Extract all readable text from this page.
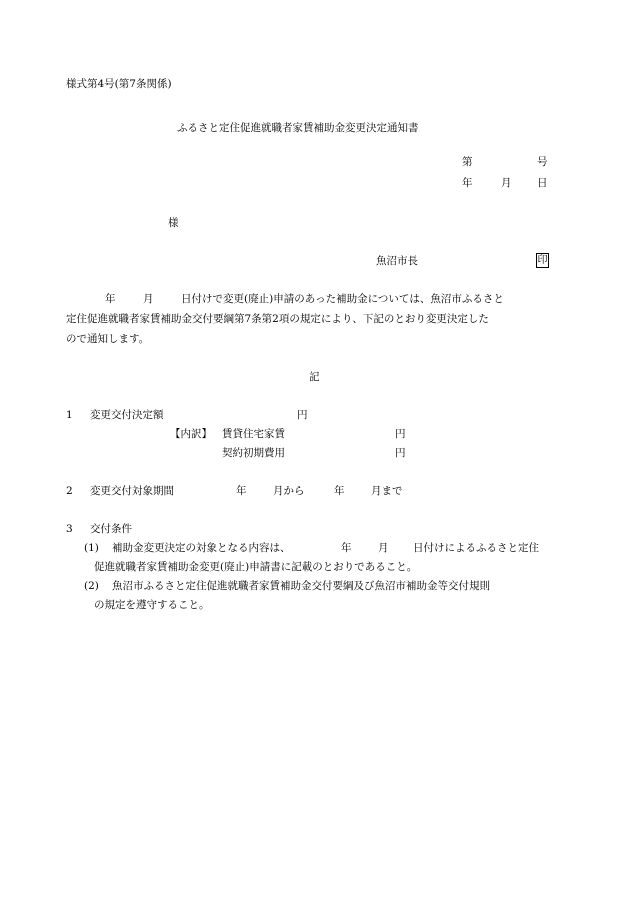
様式第4号(第7条関係)
ふるさと定住促進就職者家賃補助金変更決定通知書
第	号
年	月 日
様
魚沼市長	印
年	月	日付けで変更(廃止)申請のあった補助金については、魚沼市ふるさと
定住促進就職者家賃補助金交付要綱第7条第2項の規定により、下記のとおり変更決定した
ので通知します。
記
1 変更交付決定額	円
【内訳】 賃貸住宅家賃	円
契約初期費用	円
2 変更交付対象期間	年	月から	年	月まで
3 交付条件
(1) 補助金変更決定の対象となる内容は、	年	月 日付けによるふるさと定住
促進就職者家賃補助金変更(廃止)申請書に記載のとおりであること。
(2) 魚沼市ふるさと定住促進就職者家賃補助金交付要綱及び魚沼市補助金等交付規則
の規定を遵守すること。
